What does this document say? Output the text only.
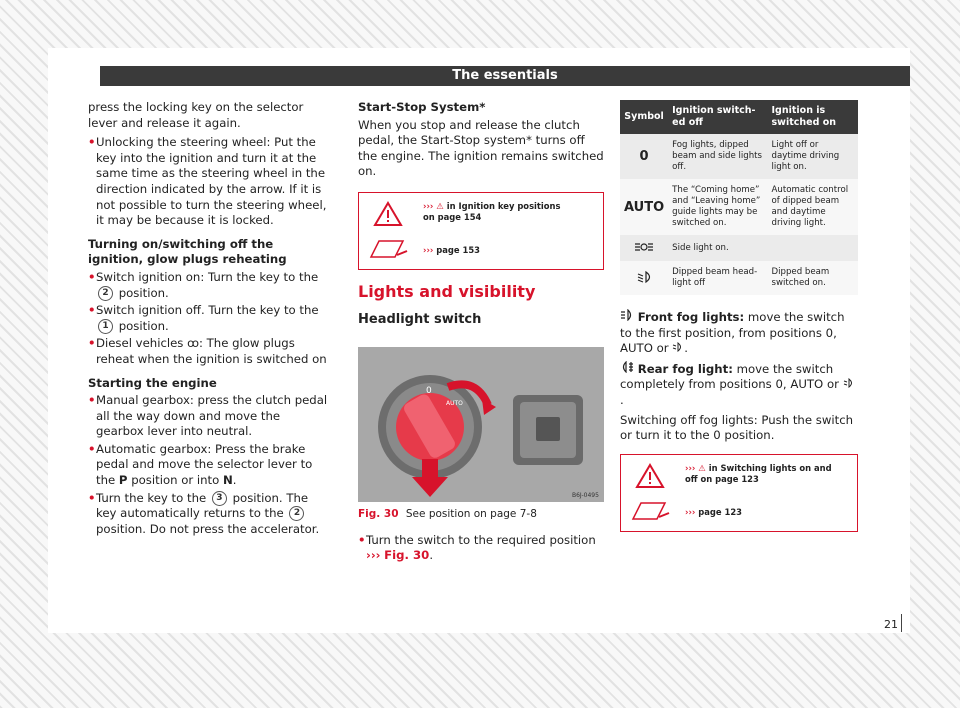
The essentials

press the locking key on the selector lever and release it again.

• Unlocking the steering wheel: Put the key into the ignition and turn it at the same time as the steering wheel in the direction indicated by the arrow. If it is not possible to turn the steering wheel, it may be because it is locked.
Turning on/switching off the ignition, glow plugs reheating
• Switch ignition on: Turn the key to the 2 position.
• Switch ignition off. Turn the key to the 1 position.
• Diesel vehicles ꝏ: The glow plugs reheat when the ignition is switched on
Starting the engine
• Manual gearbox: press the clutch pedal all the way down and move the gearbox lever into neutral.
• Automatic gearbox: Press the brake pedal and move the selector lever to the P position or into N.
• Turn the key to the 3 position. The key automatically returns to the 2 position. Do not press the accelerator.
Start-Stop System*

When you stop and release the clutch pedal, the Start-Stop system* turns off the engine. The ignition remains switched on.

››› ⚠ in Ignition key positions on page 154
››› page 153
Lights and visibility
Headlight switch
0
AUTO
B6J-0495
Fig. 30 See position on page 7-8
• Turn the switch to the required position
››› Fig. 30.
Symbol	Ignition switched off	Ignition is switched on
0	Fog lights, dipped beam and side lights off.	Light off or daytime driving light on.
AUTO	The “Coming home” and “Leaving home” guide lights may be switched on.	Automatic control of dipped beam and daytime driving light.
	Side light on.	
	Dipped beam headlight off	Dipped beam switched on.

Front fog lights: move the switch to the first position, from positions 0, AUTO or .

Rear fog light: move the switch completely from positions 0, AUTO or .

Switching off fog lights: Push the switch or turn it to the 0 position.

››› ⚠ in Switching lights on and off on page 123
››› page 123
21
